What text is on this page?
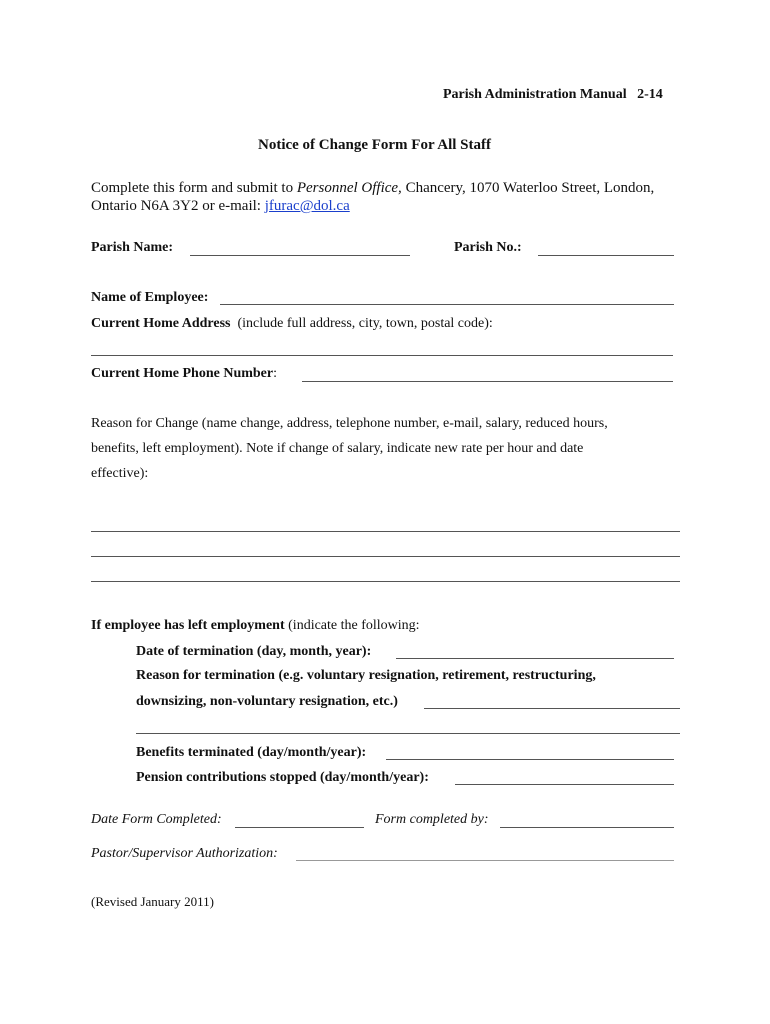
Parish Administration Manual 2-14
Notice of Change Form For All Staff
Complete this form and submit to Personnel Office, Chancery, 1070 Waterloo Street, London,
Ontario N6A 3Y2 or e-mail: jfurac@dol.ca
Parish Name:	Parish No.:
Name of Employee:
Current Home Address (include full address, city, town, postal code):
Current Home Phone Number:
Reason for Change (name change, address, telephone number, e-mail, salary, reduced hours,
benefits, left employment). Note if change of salary, indicate new rate per hour and date
effective):
If employee has left employment (indicate the following:
Date of termination (day, month, year):
Reason for termination (e.g. voluntary resignation, retirement, restructuring,
downsizing, non-voluntary resignation, etc.)
Benefits terminated (day/month/year):
Pension contributions stopped (day/month/year):
Date Form Completed:	Form completed by:
Pastor/Supervisor Authorization:
(Revised January 2011)
